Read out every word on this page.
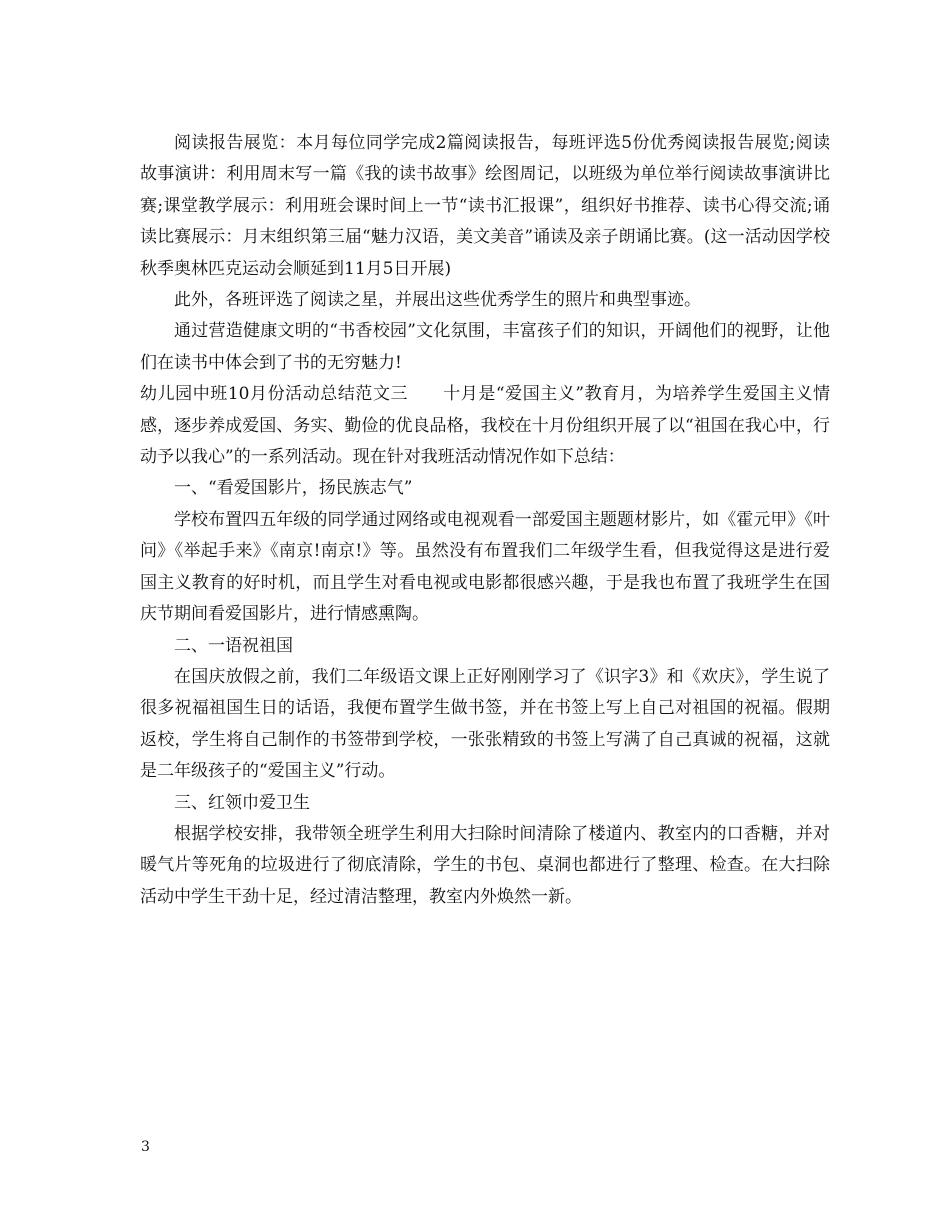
阅读报告展览：本月每位同学完成2篇阅读报告，每班评选5份优秀阅读报告展览;阅读故事演讲：利用周末写一篇《我的读书故事》绘图周记，以班级为单位举行阅读故事演讲比赛;课堂教学展示：利用班会课时间上一节“读书汇报课”，组织好书推荐、读书心得交流;诵读比赛展示：月末组织第三届“魅力汉语，美文美音”诵读及亲子朗诵比赛。(这一活动因学校秋季奥林匹克运动会顺延到11月5日开展)

此外，各班评选了阅读之星，并展出这些优秀学生的照片和典型事迹。

通过营造健康文明的“书香校园”文化氛围，丰富孩子们的知识，开阔他们的视野，让他们在读书中体会到了书的无穷魅力!

幼儿园中班10月份活动总结范文三　　十月是“爱国主义”教育月，为培养学生爱国主义情感，逐步养成爱国、务实、勤俭的优良品格，我校在十月份组织开展了以“祖国在我心中，行动予以我心”的一系列活动。现在针对我班活动情况作如下总结：

一、“看爱国影片，扬民族志气”

学校布置四五年级的同学通过网络或电视观看一部爱国主题题材影片，如《霍元甲》《叶问》《举起手来》《南京!南京!》等。虽然没有布置我们二年级学生看，但我觉得这是进行爱国主义教育的好时机，而且学生对看电视或电影都很感兴趣，于是我也布置了我班学生在国庆节期间看爱国影片，进行情感熏陶。

二、一语祝祖国

在国庆放假之前，我们二年级语文课上正好刚刚学习了《识字3》和《欢庆》，学生说了很多祝福祖国生日的话语，我便布置学生做书签，并在书签上写上自己对祖国的祝福。假期返校，学生将自己制作的书签带到学校，一张张精致的书签上写满了自己真诚的祝福，这就是二年级孩子的“爱国主义”行动。

三、红领巾爱卫生

根据学校安排，我带领全班学生利用大扫除时间清除了楼道内、教室内的口香糖，并对暖气片等死角的垃圾进行了彻底清除，学生的书包、桌洞也都进行了整理、检查。在大扫除活动中学生干劲十足，经过清洁整理，教室内外焕然一新。

3
